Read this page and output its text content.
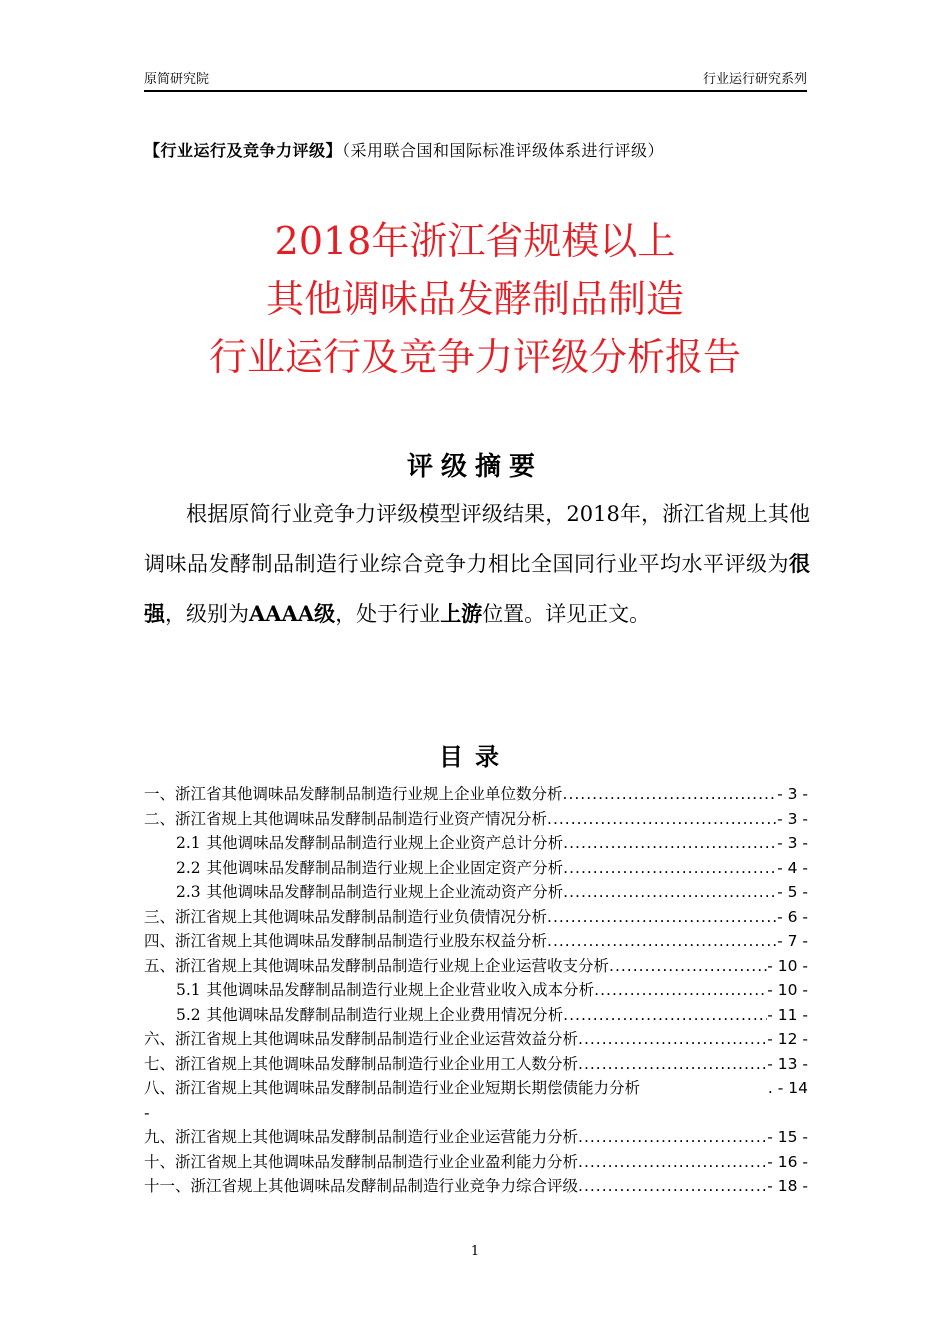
原简研究院	行业运行研究系列
【行业运行及竞争力评级】（采用联合国和国际标准评级体系进行评级）
2018年浙江省规模以上
其他调味品发酵制品制造
行业运行及竞争力评级分析报告
评级摘要
根据原简行业竞争力评级模型评级结果，2018年，浙江省规上其他调味品发酵制品制造行业综合竞争力相比全国同行业平均水平评级为很强，级别为AAAA级，处于行业上游位置。详见正文。
目录
一、浙江省其他调味品发酵制品制造行业规上企业单位数分析 .....	- 3 -
二、浙江省规上其他调味品发酵制品制造行业资产情况分析 .....	- 3 -
2.1 其他调味品发酵制品制造行业规上企业资产总计分析 .....	- 3 -
2.2 其他调味品发酵制品制造行业规上企业固定资产分析 .....	- 4 -
2.3 其他调味品发酵制品制造行业规上企业流动资产分析 .....	- 5 -
三、浙江省规上其他调味品发酵制品制造行业负债情况分析 .....	- 6 -
四、浙江省规上其他调味品发酵制品制造行业股东权益分析 .....	- 7 -
五、浙江省规上其他调味品发酵制品制造行业规上企业运营收支分析 .....	- 10 -
5.1 其他调味品发酵制品制造行业规上企业营业收入成本分析 .....	- 10 -
5.2 其他调味品发酵制品制造行业规上企业费用情况分析 .....	- 11 -
六、浙江省规上其他调味品发酵制品制造行业企业运营效益分析 .....	- 12 -
七、浙江省规上其他调味品发酵制品制造行业企业用工人数分析 .....	- 13 -
八、浙江省规上其他调味品发酵制品制造行业企业短期长期偿债能力分析	. - 14
-
九、浙江省规上其他调味品发酵制品制造行业企业运营能力分析 .....	- 15 -
十、浙江省规上其他调味品发酵制品制造行业企业盈利能力分析 .....	- 16 -
十一、浙江省规上其他调味品发酵制品制造行业竞争力综合评级 .....	- 18 -
1
